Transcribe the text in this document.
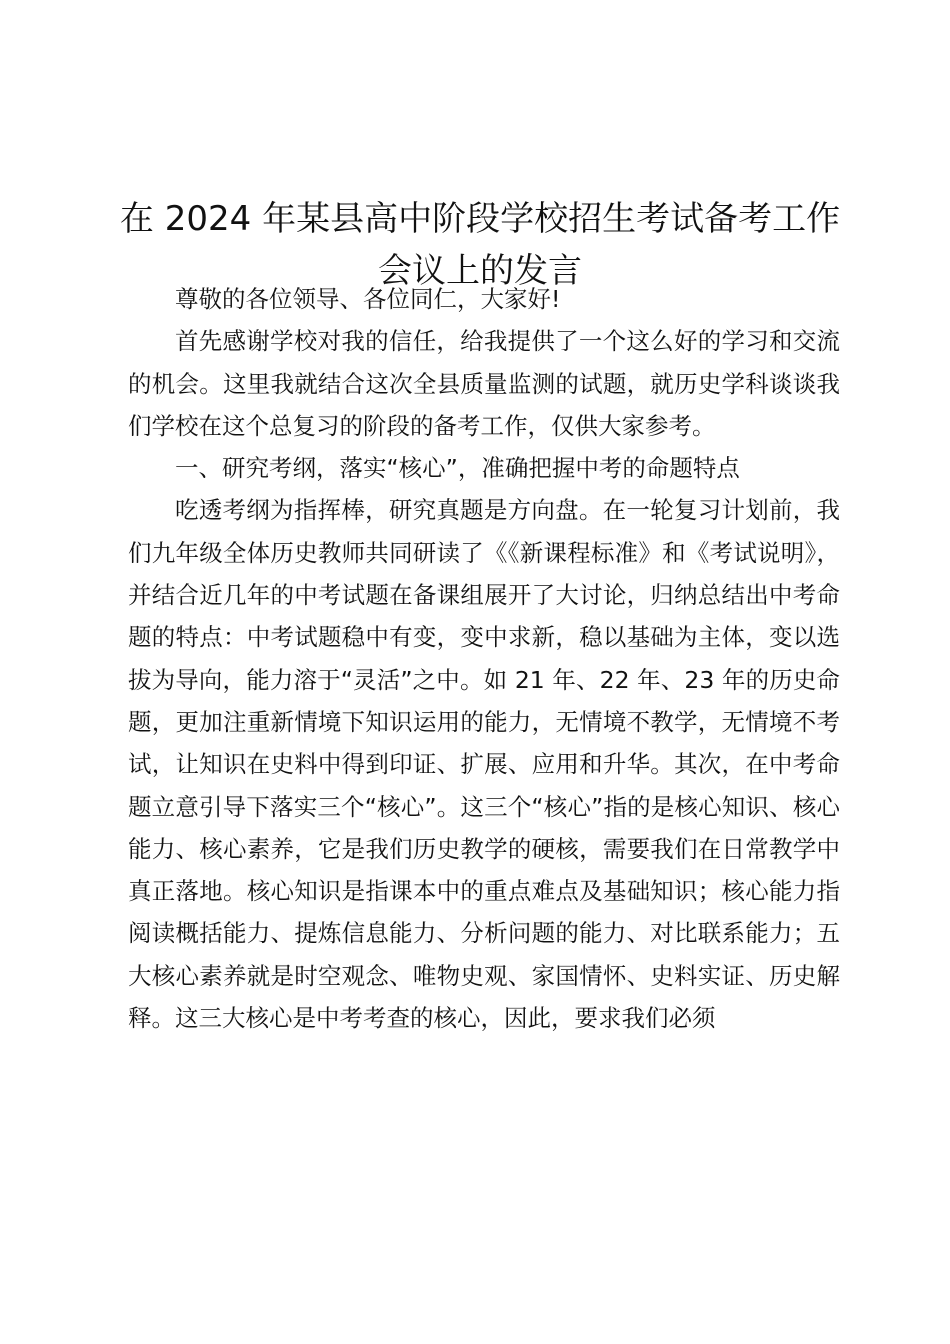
在 2024 年某县高中阶段学校招生考试备考工作会议上的发言

尊敬的各位领导、各位同仁，大家好!

首先感谢学校对我的信任，给我提供了一个这么好的学习和交流的机会。这里我就结合这次全县质量监测的试题，就历史学科谈谈我们学校在这个总复习的阶段的备考工作，仅供大家参考。

一、研究考纲，落实“核心”，准确把握中考的命题特点

吃透考纲为指挥棒，研究真题是方向盘。在一轮复习计划前，我们九年级全体历史教师共同研读了《《新课程标准》和《考试说明》，并结合近几年的中考试题在备课组展开了大讨论，归纳总结出中考命题的特点：中考试题稳中有变，变中求新，稳以基础为主体，变以选拔为导向，能力溶于“灵活”之中。如 21 年、22 年、23 年的历史命题，更加注重新情境下知识运用的能力，无情境不教学，无情境不考试，让知识在史料中得到印证、扩展、应用和升华。其次，在中考命题立意引导下落实三个“核心”。这三个“核心”指的是核心知识、核心能力、核心素养，它是我们历史教学的硬核，需要我们在日常教学中真正落地。核心知识是指课本中的重点难点及基础知识；核心能力指阅读概括能力、提炼信息能力、分析问题的能力、对比联系能力；五大核心素养就是时空观念、唯物史观、家国情怀、史料实证、历史解释。这三大核心是中考考查的核心，因此，要求我们必须
